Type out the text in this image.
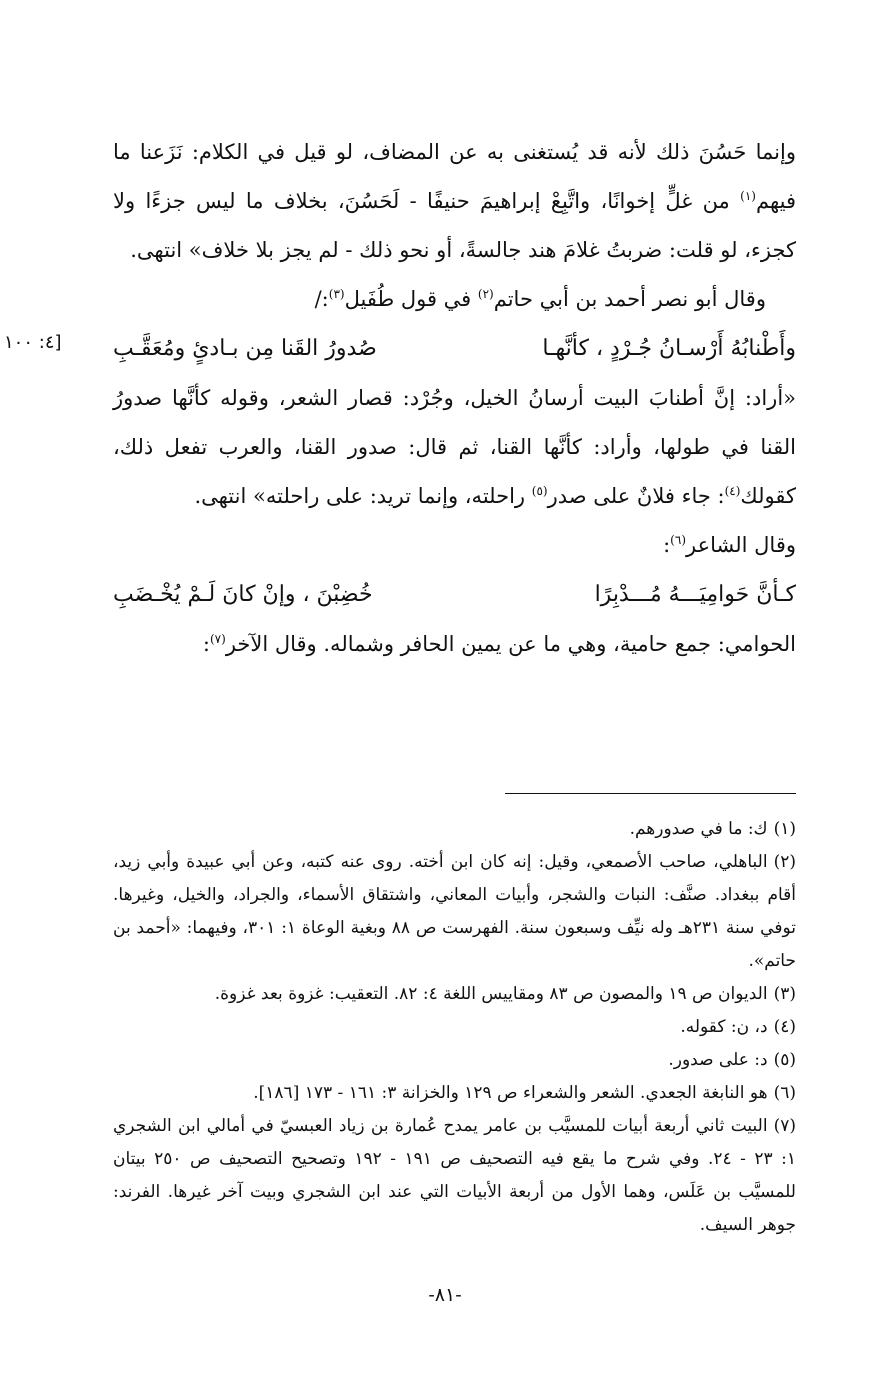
[٤: ١٠٠

وإنما حَسُنَ ذلك لأنه قد يُستغنى به عن المضاف، لو قيل في الكلام: نَزَعنا ما فيهم$^{(١)}$ من غلٍّ إخوانًا، واتَّبِعْ إبراهيمَ حنيفًا - لَحَسُنَ، بخلاف ما ليس جزءًا ولا كجزء، لو قلت: ضربتُ غلامَ هند جالسةً، أو نحو ذلك - لم يجز بلا خلاف» انتهى.

وقال أبو نصر أحمد بن أبي حاتم$^{(٢)}$ في قول طُفَيل$^{(٣)}$:/

وأَطْنابُهُ أَرْسـانُ جُـرْدٍ ، كأنَّهـا
صُدورُ القَنا مِن بـادئٍ ومُعَقَّـبِ

«أراد: إنَّ أطنابَ البيت أرسانُ الخيل، وجُرْد: قصار الشعر، وقوله كأنَّها صدورُ القنا في طولها، وأراد: كأنَّها القنا، ثم قال: صدور القنا، والعرب تفعل ذلك، كقولك$^{(٤)}$: جاء فلانٌ على صدر$^{(٥)}$ راحلته، وإنما تريد: على راحلته» انتهى.

وقال الشاعر$^{(٦)}$:

كـأنَّ حَوامِيَـــهُ مُـــدْبِرًا
خُضِبْنَ ، وإنْ كانَ لَـمْ يُخْـضَبِ

الحوامي: جمع حامية، وهي ما عن يمين الحافر وشماله. وقال الآخر$^{(٧)}$:

(١)ك: ما في صدورهم.

(٢)الباهلي، صاحب الأصمعي، وقيل: إنه كان ابن أخته. روى عنه كتبه، وعن أبي عبيدة وأبي زيد، أقام ببغداد. صنَّف: النبات والشجر، وأبيات المعاني، واشتقاق الأسماء، والجراد، والخيل، وغيرها. توفي سنة ٢٣١هـ وله نيِّف وسبعون سنة. الفهرست ص ٨٨ وبغية الوعاة ١: ٣٠١، وفيهما: «أحمد بن حاتم».

(٣)الديوان ص ١٩ والمصون ص ٨٣ ومقاييس اللغة ٤: ٨٢. التعقيب: غزوة بعد غزوة.

(٤)د، ن: كقوله.

(٥)د: على صدور.

(٦)هو النابغة الجعدي. الشعر والشعراء ص ١٢٩ والخزانة ٣: ١٦١ - ١٧٣ [١٨٦].

(٧)البيت ثاني أربعة أبيات للمسيَّب بن عامر يمدح عُمارة بن زياد العبسيّ في أمالي ابن الشجري ١: ٢٣ - ٢٤. وفي شرح ما يقع فيه التصحيف ص ١٩١ - ١٩٢ وتصحيح التصحيف ص ٢٥٠ بيتان للمسيَّب بن عَلَس، وهما الأول من أربعة الأبيات التي عند ابن الشجري وبيت آخر غيرها. الفرند: جوهر السيف.

-٨١-
